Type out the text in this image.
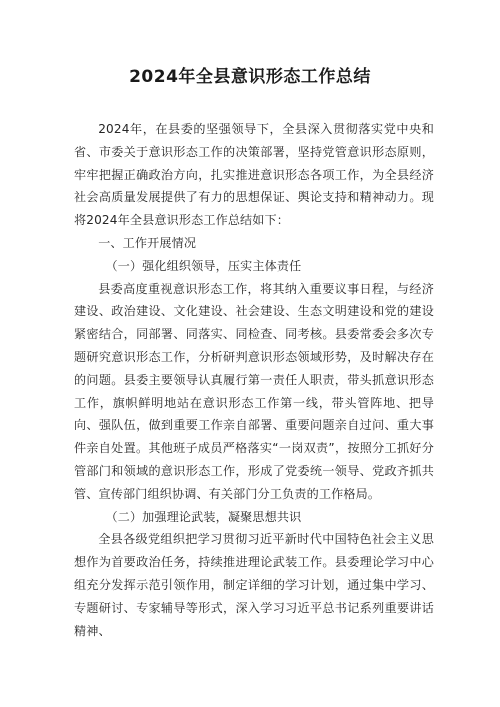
2024年全县意识形态工作总结

2024年，在县委的坚强领导下，全县深入贯彻落实党中央和省、市委关于意识形态工作的决策部署，坚持党管意识形态原则，牢牢把握正确政治方向，扎实推进意识形态各项工作，为全县经济社会高质量发展提供了有力的思想保证、舆论支持和精神动力。现将2024年全县意识形态工作总结如下：

一、工作开展情况

（一）强化组织领导，压实主体责任

县委高度重视意识形态工作，将其纳入重要议事日程，与经济建设、政治建设、文化建设、社会建设、生态文明建设和党的建设紧密结合，同部署、同落实、同检查、同考核。县委常委会多次专题研究意识形态工作，分析研判意识形态领域形势，及时解决存在的问题。县委主要领导认真履行第一责任人职责，带头抓意识形态工作，旗帜鲜明地站在意识形态工作第一线，带头管阵地、把导向、强队伍，做到重要工作亲自部署、重要问题亲自过问、重大事件亲自处置。其他班子成员严格落实“一岗双责”，按照分工抓好分管部门和领域的意识形态工作，形成了党委统一领导、党政齐抓共管、宣传部门组织协调、有关部门分工负责的工作格局。

（二）加强理论武装，凝聚思想共识

全县各级党组织把学习贯彻习近平新时代中国特色社会主义思想作为首要政治任务，持续推进理论武装工作。县委理论学习中心组充分发挥示范引领作用，制定详细的学习计划，通过集中学习、专题研讨、专家辅导等形式，深入学习习近平总书记系列重要讲话精神、
